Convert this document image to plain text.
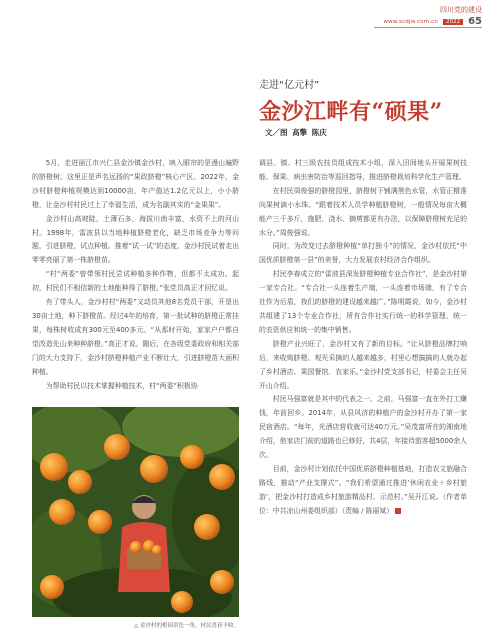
四川党的建设
www.scdjw.com.cn	2022 65
走进“亿元村”
金沙江畔有“硕果”
文／图 高擎 陈庆

5月，走进丽江市兴仁县金沙镇金沙村，映入眼帘的是漫山遍野的脐橙树。这里正是声名远扬的“果政脐橙”核心产区。2022年，金沙村脐橙种植规模达到10000亩，年产值达1.2亿元以上，小小脐橙，让金沙村村民过上了幸福生活，成为名副其实的“金果果”。

金沙村山高坡陡，土薄石多，海拔川南丰富，水资不上的河山村。1998年，雷波县以当地种植脐橙老化，缺乏市场竞争力等问题，引进脐橙，试点种植。推着“试一试”的态度，金沙村民试着走出零零亮丽了第一株脐橙苗。

“村“两委”曾带领村民尝试种植多种作物，但都不太成功。起初，村民们不相信新的土地能种得了脐橙。”张党员高正才回忆说。

有了带头人，金沙村村“两委”又动员其他8名党员干部，开垦出30亩土地，种下脐橙苗。经过4年的培育，第一批试种的脐橙正常挂果，每株树收成有300元至400多元。“从那时开始，家家户户都自觉改造先山来种种脐橙。”高正才说。随后，在各级党委政府和相关部门的大力支持下，金沙村脐橙种植产业不断壮大，引进脐橙苗大面积种植。

为帮助村民以技术掌握种植技术，村“两委”积极协

△ 金沙村的橙园景色一角，村民喜获丰收。

调县、镇、村三级农技员组成技术小组，深入田间地头开展果树技能、保果、病虫害防治等巡回指导，推进脐橙栽培科学化生产管理。

在村民周俊强的脐橙园里，脐橙树下铺满黑色水管，水管正精准向果树滴小水珠。“跟着技术人员学种植脐橙树，一般情况每亩大概能产三千多斤，施肥、浇水、摘剪都更有办法，以保障脐橙树充足的水分。”周俊强说。

同时，为改变过去脐橙种植“单打独斗”的情况，金沙村依托“中国优质脐橙第一县”的美誉，大力发展农村经济合作组织。

村民李春成立的“雷波县深发脐橙种植专业合作社”，是金沙村第一家专合社。“专合社一头连着生产端，一头连着市场端，有了专合社作为后盾，我们的脐橙的建设越来越广。”陈明霞说，如今，金沙村共组建了13个专业合作社，所有合作社实行统一的科学管理、统一的农资供应和统一的集中销售。

脐橙产业兴旺了，金沙村又有了新的目标。“让从脐橙品牌打响后，来收购脐橙、观光采摘的人越来越多，村里心想搞搞的人就办起了乡村酒店、果园餐馆、农家乐。”金沙村党支部书记，村委会主任吴开山介绍。

村民马强富就是其中的代表之一。之前，马强富一直在外打工赚钱，年前回乡。2014年，从县风济的种植户的金沙村开办了第一家民宿酒店。“每年，光酒店营收就可达40万元。”吴茂富所在的湘南地介绍，他家店门前的道路也已修好，共4层，年接待游客超5000余人次。

目前，金沙村计划依托中国优质脐橙种植基地，打造农文旅融合路线，推动“产业支撑式”。“我们希望通过推进‘休闲农业＋乡村旅游’，把金沙村打造成乡村旅游精品村、示范村。”吴开江说。（作者单位：中共凉山州委组织部）（责编 / 陈丽斌）
